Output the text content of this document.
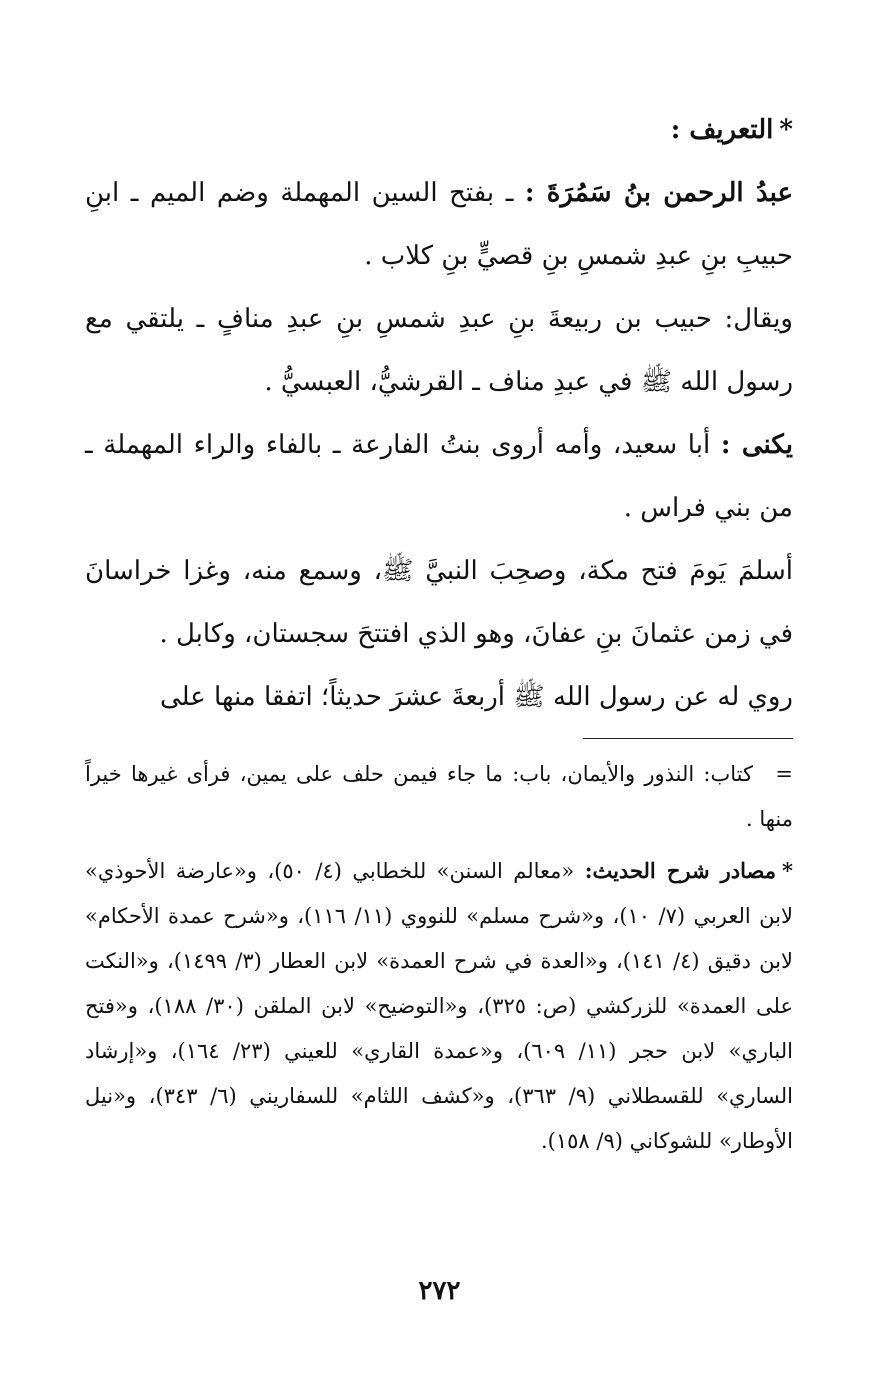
*التعريف :

عبدُ الرحمن بنُ سَمُرَةَ : ـ بفتح السين المهملة وضم الميم ـ ابنِ حبيبِ بنِ عبدِ شمسِ بنِ قصيٍّ بنِ كلاب .

ويقال: حبيب بن ربيعةَ بنِ عبدِ شمسِ بنِ عبدِ منافٍ ـ يلتقي مع رسول الله ﷺ في عبدِ مناف ـ القرشيُّ، العبسيُّ .

يكنى : أبا سعيد، وأمه أروى بنتُ الفارعة ـ بالفاء والراء المهملة ـ من بني فراس .

أسلمَ يَومَ فتح مكة، وصحِبَ النبيَّ ﷺ، وسمع منه، وغزا خراسانَ في زمن عثمانَ بنِ عفانَ، وهو الذي افتتحَ سجستان، وكابل .

روي له عن رسول الله ﷺ أربعةَ عشرَ حديثاً؛ اتفقا منها على

=كتاب: النذور والأيمان، باب: ما جاء فيمن حلف على يمين، فرأى غيرها خيراً منها .

*مصادر شرح الحديث: «معالم السنن» للخطابي (٤/ ٥٠)، و«عارضة الأحوذي» لابن العربي (٧/ ١٠)، و«شرح مسلم» للنووي (١١/ ١١٦)، و«شرح عمدة الأحكام» لابن دقيق (٤/ ١٤١)، و«العدة في شرح العمدة» لابن العطار (٣/ ١٤٩٩)، و«النكت على العمدة» للزركشي (ص: ٣٢٥)، و«التوضيح» لابن الملقن (٣٠/ ١٨٨)، و«فتح الباري» لابن حجر (١١/ ٦٠٩)، و«عمدة القاري» للعيني (٢٣/ ١٦٤)، و«إرشاد الساري» للقسطلاني (٩/ ٣٦٣)، و«كشف اللثام» للسفاريني (٦/ ٣٤٣)، و«نيل الأوطار» للشوكاني (٩/ ١٥٨).

٢٧٢
